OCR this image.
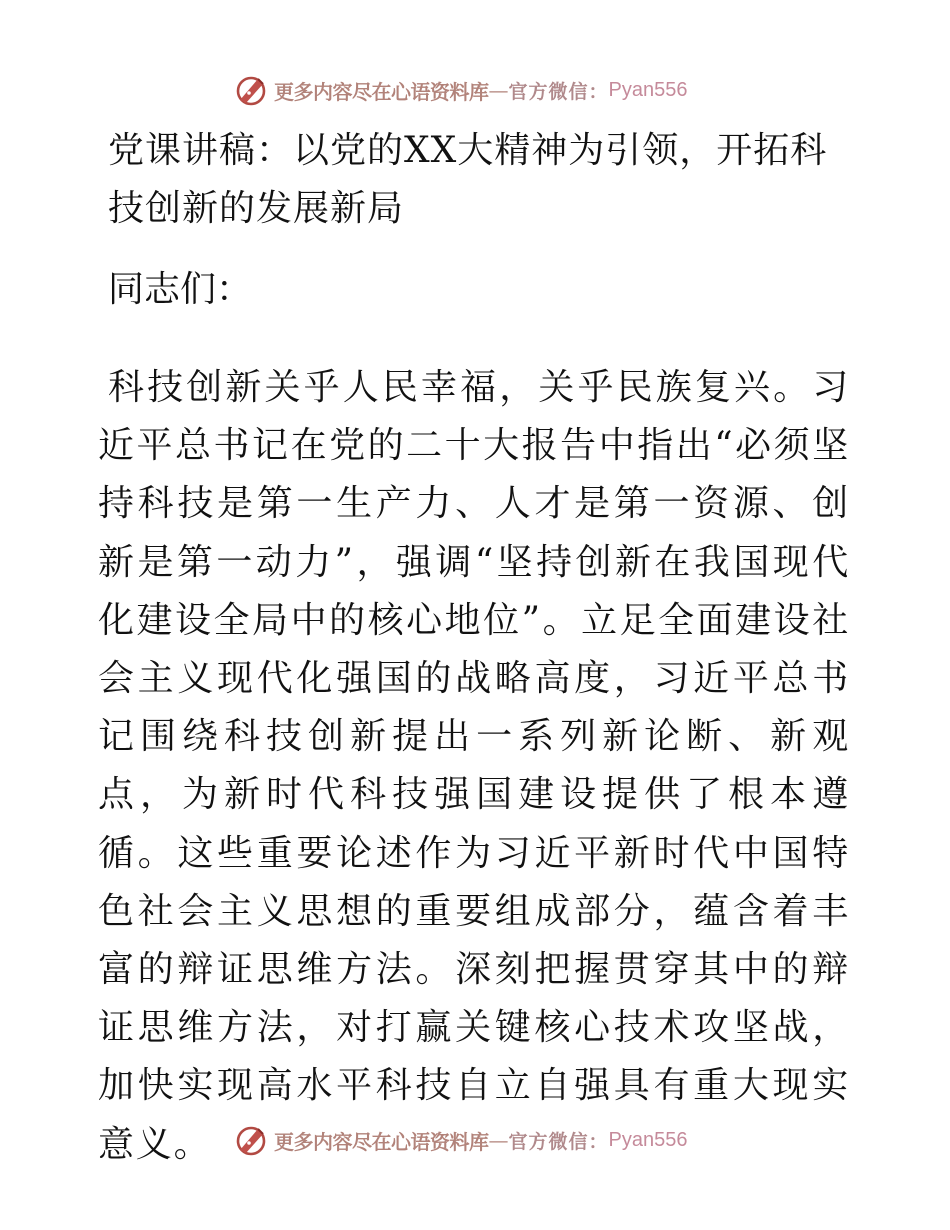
更多内容尽在心语资料库 — 官方微信： Pyan556

党课讲稿：以党的XX大精神为引领，开拓科技创新的发展新局

同志们：

科技创新关乎人民幸福，关乎民族复兴。习近平总书记在党的二十大报告中指出“必须坚持科技是第一生产力、人才是第一资源、创新是第一动力”，强调“坚持创新在我国现代化建设全局中的核心地位”。立足全面建设社会主义现代化强国的战略高度，习近平总书记围绕科技创新提出一系列新论断、新观点，为新时代科技强国建设提供了根本遵循。这些重要论述作为习近平新时代中国特色社会主义思想的重要组成部分，蕴含着丰富的辩证思维方法。深刻把握贯穿其中的辩证思维方法，对打赢关键核心技术攻坚战，加快实现高水平科技自立自强具有重大现实意义。	更多内容尽在心语资料库 — 官方微信： Pyan556
